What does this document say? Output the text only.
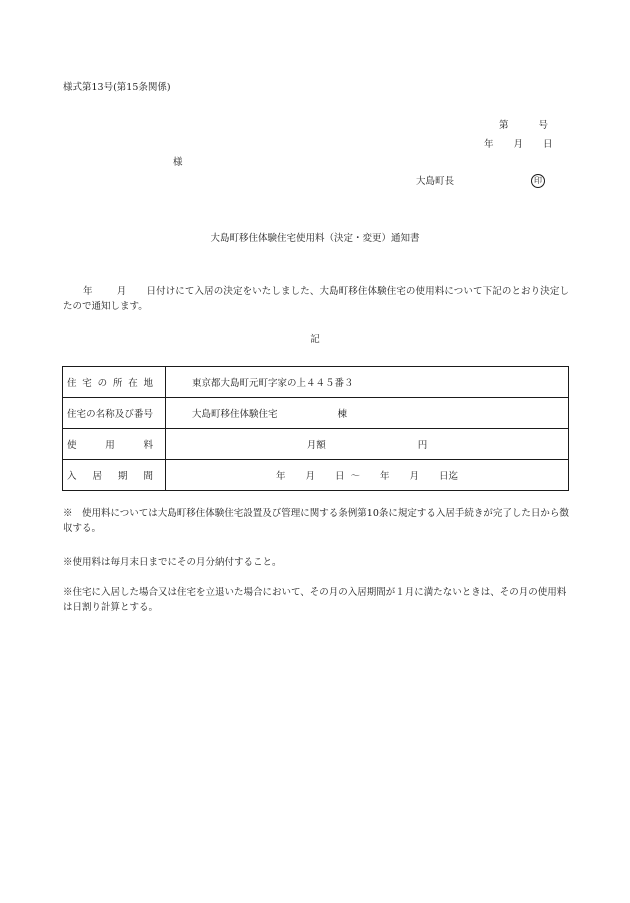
様式第13号(第15条関係)
第	号
年 月 日
様
大島町長	印
大島町移住体験住宅使用料（決定・変更）通知書
年	月 日付けにて入居の決定をいたしました、大島町移住体験住宅の使用料について下記のとおり決定したので通知します。
記
住宅の所在地	東京都大島町元町字家の上４４５番３
住宅の名称及び番号	大島町移住体験住宅 棟
使用料	月額 円
入居期間	年 月 日 ～ 年 月 日迄
※　使用料については大島町移住体験住宅設置及び管理に関する条例第10条に規定する入居手続きが完了した日から徴収する。
※使用料は毎月末日までにその月分納付すること。
※住宅に入居した場合又は住宅を立退いた場合において、その月の入居期間が１月に満たないときは、その月の使用料は日割り計算とする。
